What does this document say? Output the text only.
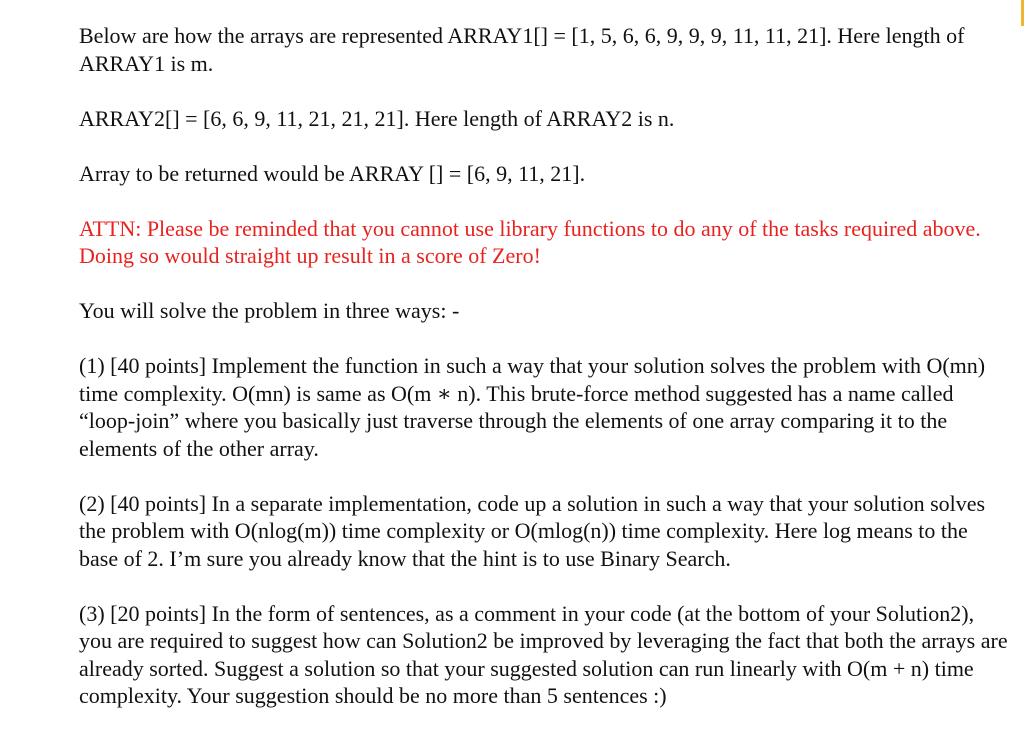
Below are how the arrays are represented ARRAY1[] = [1, 5, 6, 6, 9, 9, 9, 11, 11, 21]. Here length of ARRAY1 is m.

ARRAY2[] = [6, 6, 9, 11, 21, 21, 21]. Here length of ARRAY2 is n.

Array to be returned would be ARRAY [] = [6, 9, 11, 21].

ATTN: Please be reminded that you cannot use library functions to do any of the tasks required above. Doing so would straight up result in a score of Zero!

You will solve the problem in three ways: -

(1) [40 points] Implement the function in such a way that your solution solves the problem with O(mn) time complexity. O(mn) is same as O(m ∗ n). This brute-force method suggested has a name called “loop-join” where you basically just traverse through the elements of one array comparing it to the elements of the other array.

(2) [40 points] In a separate implementation, code up a solution in such a way that your solution solves the problem with O(nlog(m)) time complexity or O(mlog(n)) time complexity. Here log means to the base of 2. I’m sure you already know that the hint is to use Binary Search.

(3) [20 points] In the form of sentences, as a comment in your code (at the bottom of your Solution2), you are required to suggest how can Solution2 be improved by leveraging the fact that both the arrays are already sorted. Suggest a solution so that your suggested solution can run linearly with O(m + n) time complexity. Your suggestion should be no more than 5 sentences :)
